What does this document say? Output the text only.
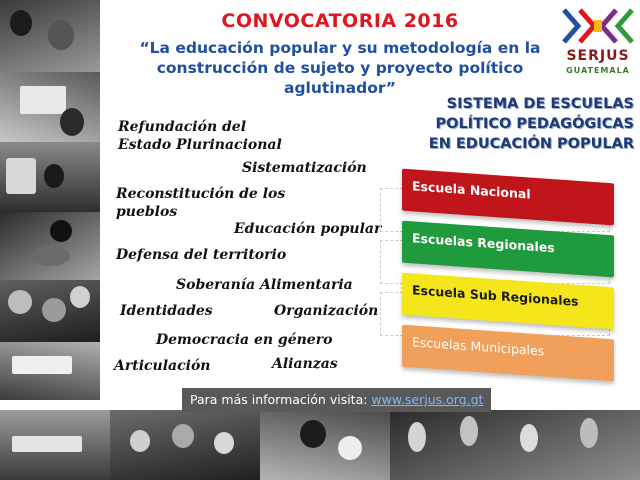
CONVOCATORIA 2016
“La educación popular y su metodología en la
construcción de sujeto y proyecto político
aglutinador”
SERJUS
GUATEMALA
Refundación del
Estado Plurinacional
Sistematización
Reconstitución de los
pueblos
Educación popular
Defensa del territorio
Soberanía Alimentaria
Identidades	Organización
Democracia en género
Articulación	Alianzas
SISTEMA DE ESCUELAS
POLÍTICO PEDAGÓGICAS
EN EDUCACIÓN POPULAR
Escuela Nacional
Escuelas Regionales
Escuela Sub Regionales
Escuelas Municipales
Para más información visita: www.serjus.org.gt
